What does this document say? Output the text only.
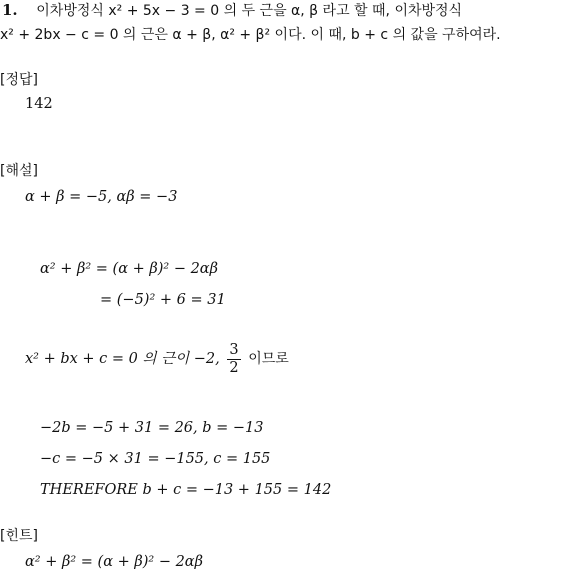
1. 이차방정식 x² + 5x − 3 = 0 의 두 근을 α, β 라고 할 때, 이차방정식
x² + 2bx − c = 0 의 근은 α + β, α² + β² 이다. 이 때, b + c 의 값을 구하여라.
[정답]
142
[해설]
α + β = −5, αβ = −3
α² + β² = (α + β)² − 2αβ
= (−5)² + 6 = 31
x² + bx + c = 0 의 근이 −2, $\frac{3}{2}$ 이므로
−2b = −5 + 31 = 26, b = −13
−c = −5 × 31 = −155, c = 155
THEREFORE b + c = −13 + 155 = 142
[힌트]
α² + β² = (α + β)² − 2αβ
